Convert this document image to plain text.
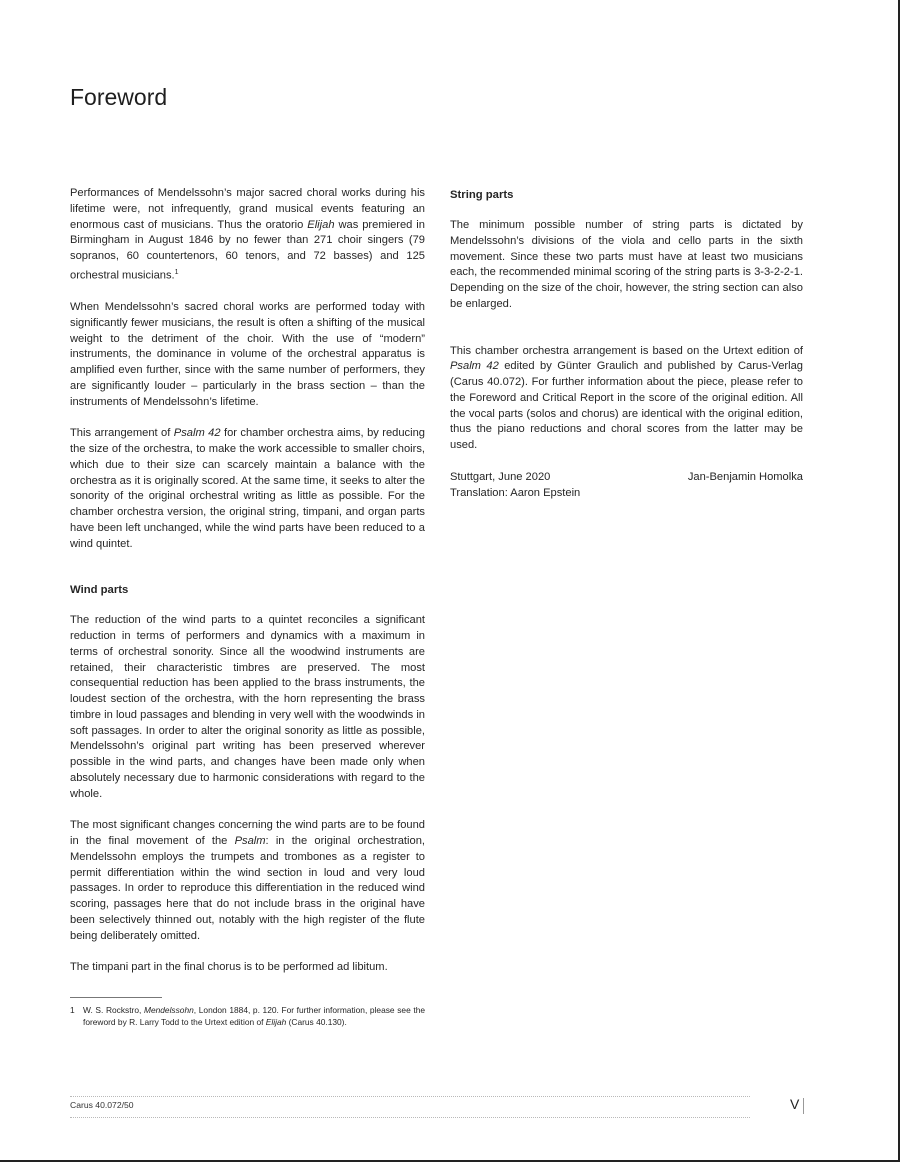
Foreword

Performances of Mendelssohn’s major sacred choral works during his lifetime were, not infrequently, grand musical events featuring an enormous cast of musicians. Thus the oratorio Elijah was premiered in Birmingham in August 1846 by no fewer than 271 choir singers (79 sopranos, 60 countertenors, 60 tenors, and 72 basses) and 125 orchestral musicians.$^1$

When Mendelssohn’s sacred choral works are performed today with significantly fewer musicians, the result is often a shifting of the musical weight to the detriment of the choir. With the use of “modern” instruments, the dominance in volume of the orchestral apparatus is amplified even further, since with the same number of performers, they are significantly louder – particularly in the brass section – than the instruments of Mendelssohn’s lifetime.

This arrangement of Psalm 42 for chamber orchestra aims, by reducing the size of the orchestra, to make the work accessible to smaller choirs, which due to their size can scarcely maintain a balance with the orchestra as it is originally scored. At the same time, it seeks to alter the sonority of the original orchestral writing as little as possible. For the chamber orchestra version, the original string, timpani, and organ parts have been left unchanged, while the wind parts have been reduced to a wind quintet.

Wind parts

The reduction of the wind parts to a quintet reconciles a significant reduction in terms of performers and dynamics with a maximum in terms of orchestral sonority. Since all the woodwind instruments are retained, their characteristic timbres are preserved. The most consequential reduction has been applied to the brass instruments, the loudest section of the orchestra, with the horn representing the brass timbre in loud passages and blending in very well with the woodwinds in soft passages. In order to alter the original sonority as little as possible, Mendelssohn’s original part writing has been preserved wherever possible in the wind parts, and changes have been made only when absolutely necessary due to harmonic considerations with regard to the whole.

The most significant changes concerning the wind parts are to be found in the final movement of the Psalm: in the original orchestration, Mendelssohn employs the trumpets and trombones as a register to permit differentiation within the wind section in loud and very loud passages. In order to reproduce this differentiation in the reduced wind scoring, passages here that do not include brass in the original have been selectively thinned out, notably with the high register of the flute being deliberately omitted.

The timpani part in the final chorus is to be performed ad libitum.

String parts

The minimum possible number of string parts is dictated by Mendelssohn’s divisions of the viola and cello parts in the sixth movement. Since these two parts must have at least two musicians each, the recommended minimal scoring of the string parts is 3-3-2-2-1. Depending on the size of the choir, however, the string section can also be enlarged.

This chamber orchestra arrangement is based on the Urtext edition of Psalm 42 edited by Günter Graulich and published by Carus-Verlag (Carus 40.072). For further information about the piece, please refer to the Foreword and Critical Report in the score of the original edition. All the vocal parts (solos and chorus) are identical with the original edition, thus the piano reductions and choral scores from the latter may be used.

Stuttgart, June 2020	Jan-Benjamin Homolka
Translation: Aaron Epstein
1 W. S. Rockstro, Mendelssohn, London 1884, p. 120. For further information, please see the foreword by R. Larry Todd to the Urtext edition of Elijah (Carus 40.130).
Carus 40.072/50	V
